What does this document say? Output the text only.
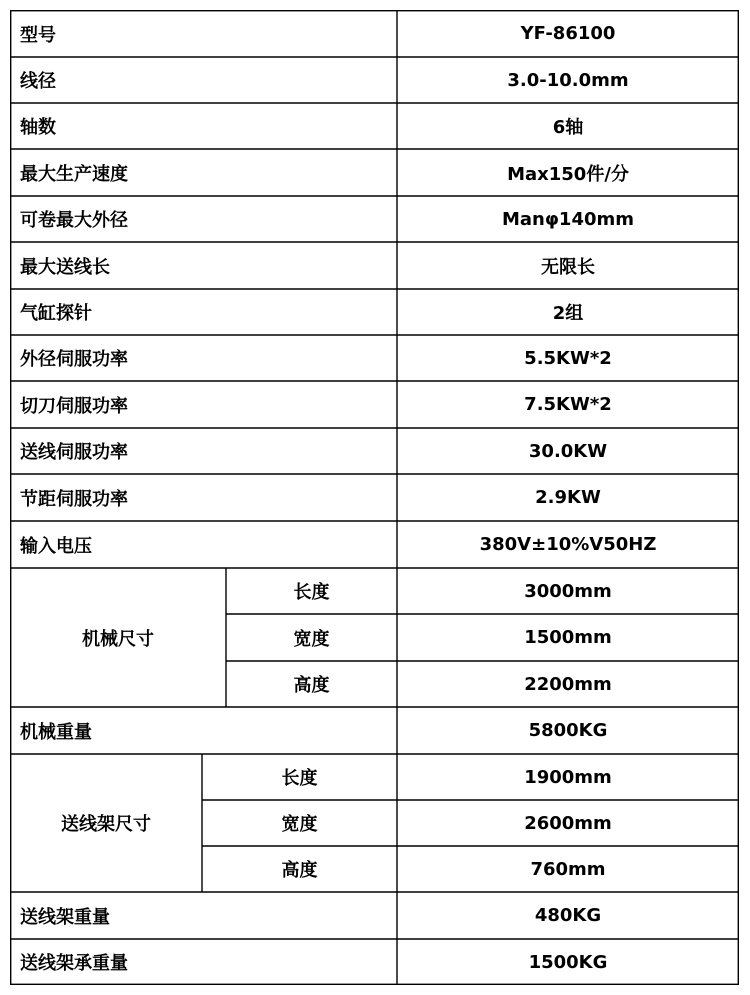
型号	YF-86100
线径	3.0-10.0mm
轴数	6轴
最大生产速度	Max150件/分
可卷最大外径	Manφ140mm
最大送线长	无限长
气缸探针	2组
外径伺服功率	5.5KW*2
切刀伺服功率	7.5KW*2
送线伺服功率	30.0KW
节距伺服功率	2.9KW
输入电压	380V±10%V50HZ
机械尺寸
长度	3000mm
宽度	1500mm
高度	2200mm
机械重量	5800KG
送线架尺寸
长度	1900mm
宽度	2600mm
高度	760mm
送线架重量	480KG
送线架承重量	1500KG
